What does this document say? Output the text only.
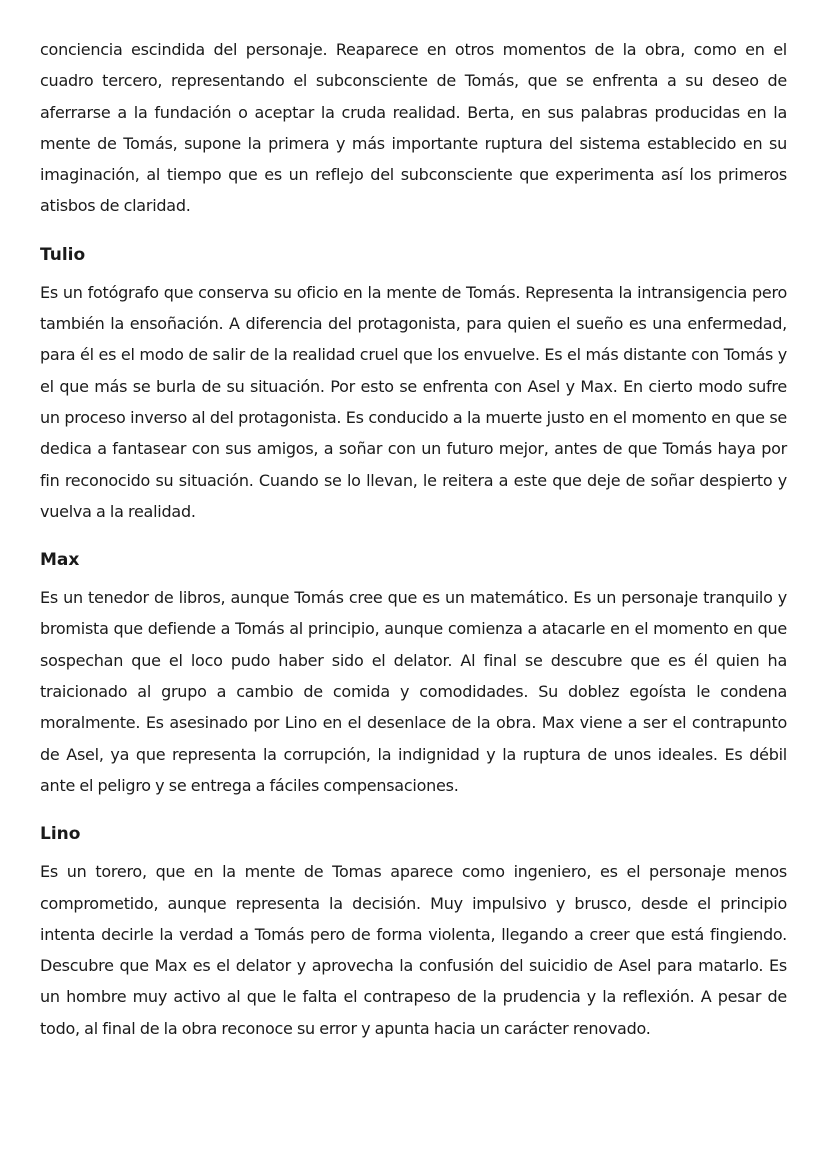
conciencia escindida del personaje. Reaparece en otros momentos de la obra, como en el cuadro tercero, representando el subconsciente de Tomás, que se enfrenta a su deseo de aferrarse a la fundación o aceptar la cruda realidad. Berta, en sus palabras producidas en la mente de Tomás, supone la primera y más importante ruptura del sistema establecido en su imaginación, al tiempo que es un reflejo del subconsciente que experimenta así los primeros atisbos de claridad.

Tulio

Es un fotógrafo que conserva su oficio en la mente de Tomás. Representa la intransigencia pero también la ensoñación. A diferencia del protagonista, para quien el sueño es una enfermedad, para él es el modo de salir de la realidad cruel que los envuelve. Es el más distante con Tomás y el que más se burla de su situación. Por esto se enfrenta con Asel y Max. En cierto modo sufre un proceso inverso al del protagonista. Es conducido a la muerte justo en el momento en que se dedica a fantasear con sus amigos, a soñar con un futuro mejor, antes de que Tomás haya por fin reconocido su situación. Cuando se lo llevan, le reitera a este que deje de soñar despierto y vuelva a la realidad.

Max

Es un tenedor de libros, aunque Tomás cree que es un matemático. Es un personaje tranquilo y bromista que defiende a Tomás al principio, aunque comienza a atacarle en el momento en que sospechan que el loco pudo haber sido el delator. Al final se descubre que es él quien ha traicionado al grupo a cambio de comida y comodidades. Su doblez egoísta le condena moralmente. Es asesinado por Lino en el desenlace de la obra. Max viene a ser el contrapunto de Asel, ya que representa la corrupción, la indignidad y la ruptura de unos ideales. Es débil ante el peligro y se entrega a fáciles compensaciones.

Lino

Es un torero, que en la mente de Tomas aparece como ingeniero, es el personaje menos comprometido, aunque representa la decisión. Muy impulsivo y brusco, desde el principio intenta decirle la verdad a Tomás pero de forma violenta, llegando a creer que está fingiendo. Descubre que Max es el delator y aprovecha la confusión del suicidio de Asel para matarlo. Es un hombre muy activo al que le falta el contrapeso de la prudencia y la reflexión. A pesar de todo, al final de la obra reconoce su error y apunta hacia un carácter renovado.
